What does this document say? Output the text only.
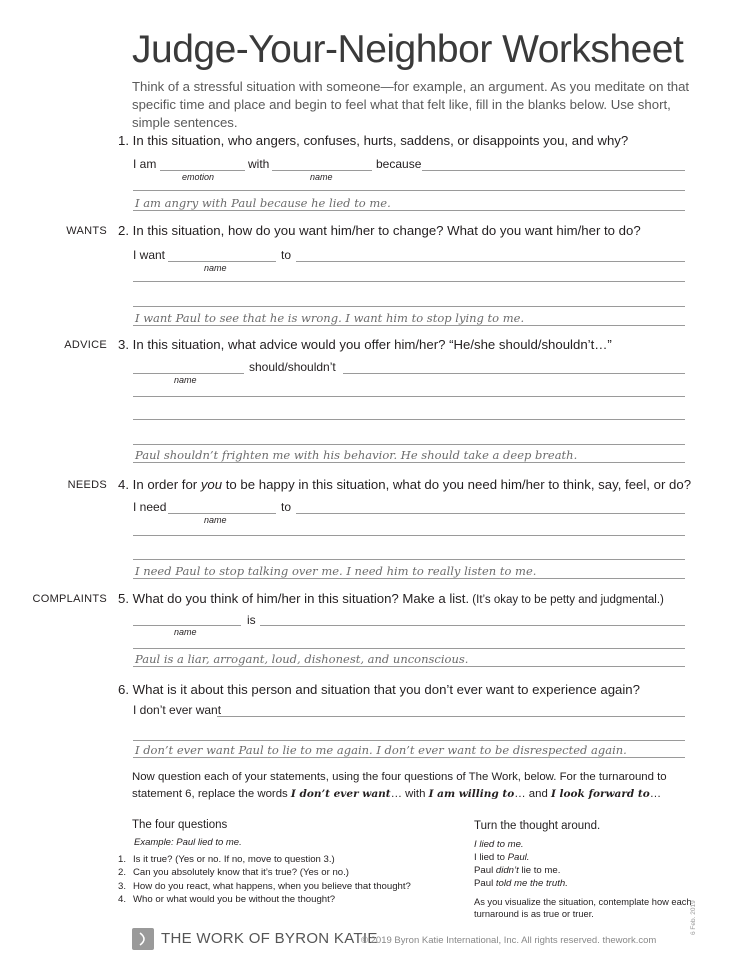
Judge-Your-Neighbor Worksheet
Think of a stressful situation with someone—for example, an argument. As you meditate on that specific time and place and begin to feel what that felt like, fill in the blanks below. Use short, simple sentences.
1. In this situation, who angers, confuses, hurts, saddens, or disappoints you, and why?
I am
emotion
with
name
because
I am angry with Paul because he lied to me.
WANTS 2. In this situation, how do you want him/her to change? What do you want him/her to do?
I want
name
to
I want Paul to see that he is wrong. I want him to stop lying to me.
ADVICE 3. In this situation, what advice would you offer him/her? “He/she should/shouldn’t…”
name
should/shouldn’t
Paul shouldn’t frighten me with his behavior. He should take a deep breath.
NEEDS 4. In order for you to be happy in this situation, what do you need him/her to think, say, feel, or do?
I need
name
to
I need Paul to stop talking over me. I need him to really listen to me.
COMPLAINTS 5. What do you think of him/her in this situation? Make a list. (It’s okay to be petty and judgmental.)
name
is
Paul is a liar, arrogant, loud, dishonest, and unconscious.
6. What is it about this person and situation that you don’t ever want to experience again?
I don’t ever want
I don’t ever want Paul to lie to me again. I don’t ever want to be disrespected again.
Now question each of your statements, using the four questions of The Work, below. For the turnaround to statement 6, replace the words I don’t ever want… with I am willing to… and I look forward to…
The four questions
Example: Paul lied to me.
1. Is it true? (Yes or no. If no, move to question 3.)
2. Can you absolutely know that it’s true? (Yes or no.)
3. How do you react, what happens, when you believe that thought?
4. Who or what would you be without the thought?
Turn the thought around.
I lied to me.
I lied to Paul.
Paul didn’t lie to me.
Paul told me the truth.
As you visualize the situation, contemplate how each turnaround is as true or truer.
THE WORK OF BYRON KATIE
© 2019 Byron Katie International, Inc. All rights reserved. thework.com
6 Feb. 2019
